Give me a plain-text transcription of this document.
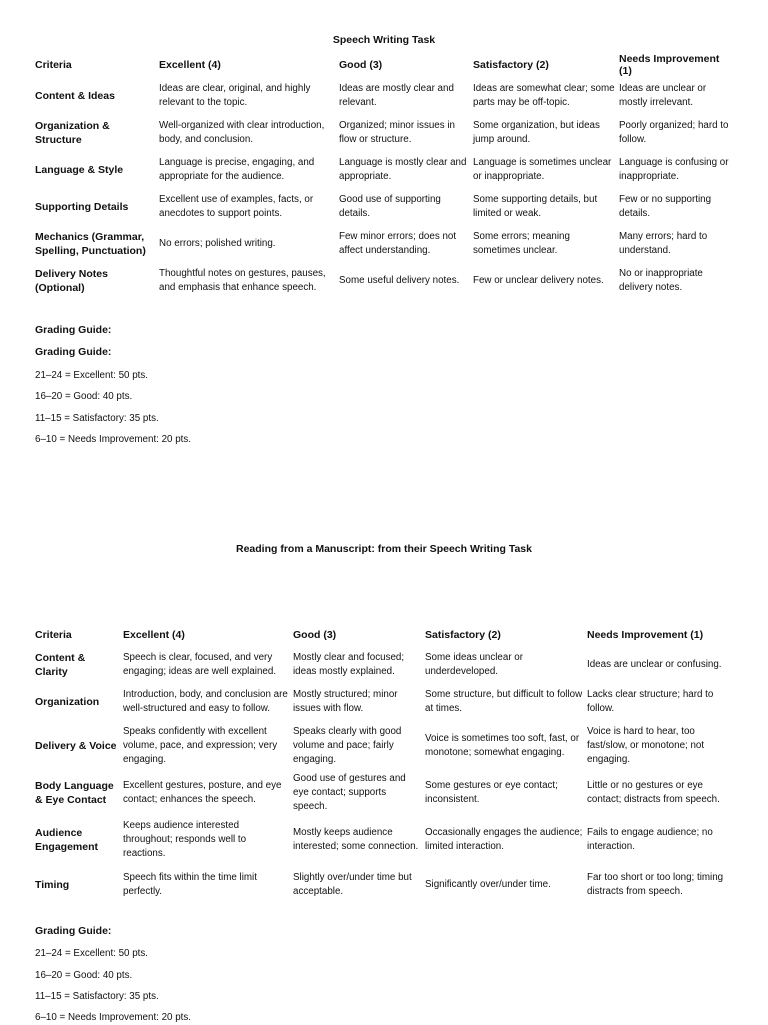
Speech Writing Task
Criteria	Excellent (4)	Good (3)	Satisfactory (2)	Needs Improvement (1)
Content & Ideas	Ideas are clear, original, and highly relevant to the topic.	Ideas are mostly clear and relevant.	Ideas are somewhat clear; some parts may be off-topic.	Ideas are unclear or mostly irrelevant.
Organization & Structure	Well-organized with clear introduction, body, and conclusion.	Organized; minor issues in flow or structure.	Some organization, but ideas jump around.	Poorly organized; hard to follow.
Language & Style	Language is precise, engaging, and appropriate for the audience.	Language is mostly clear and appropriate.	Language is sometimes unclear or inappropriate.	Language is confusing or inappropriate.
Supporting Details	Excellent use of examples, facts, or anecdotes to support points.	Good use of supporting details.	Some supporting details, but limited or weak.	Few or no supporting details.
Mechanics (Grammar, Spelling, Punctuation)	No errors; polished writing.	Few minor errors; does not affect understanding.	Some errors; meaning sometimes unclear.	Many errors; hard to understand.
Delivery Notes (Optional)	Thoughtful notes on gestures, pauses, and emphasis that enhance speech.	Some useful delivery notes.	Few or unclear delivery notes.	No or inappropriate delivery notes.
Grading Guide:
Grading Guide:
21–24 = Excellent: 50 pts.
16–20 = Good: 40 pts.
11–15 = Satisfactory: 35 pts.
6–10 = Needs Improvement: 20 pts.
Reading from a Manuscript: from their Speech Writing Task
Criteria	Excellent (4)	Good (3)	Satisfactory (2)	Needs Improvement (1)
Content & Clarity	Speech is clear, focused, and very engaging; ideas are well explained.	Mostly clear and focused; ideas mostly explained.	Some ideas unclear or underdeveloped.	Ideas are unclear or confusing.
Organization	Introduction, body, and conclusion are well-structured and easy to follow.	Mostly structured; minor issues with flow.	Some structure, but difficult to follow at times.	Lacks clear structure; hard to follow.
Delivery & Voice	Speaks confidently with excellent volume, pace, and expression; very engaging.	Speaks clearly with good volume and pace; fairly engaging.	Voice is sometimes too soft, fast, or monotone; somewhat engaging.	Voice is hard to hear, too fast/slow, or monotone; not engaging.
Body Language & Eye Contact	Excellent gestures, posture, and eye contact; enhances the speech.	Good use of gestures and eye contact; supports speech.	Some gestures or eye contact; inconsistent.	Little or no gestures or eye contact; distracts from speech.
Audience Engagement	Keeps audience interested throughout; responds well to reactions.	Mostly keeps audience interested; some connection.	Occasionally engages the audience; limited interaction.	Fails to engage audience; no interaction.
Timing	Speech fits within the time limit perfectly.	Slightly over/under time but acceptable.	Significantly over/under time.	Far too short or too long; timing distracts from speech.
Grading Guide:
21–24 = Excellent: 50 pts.
16–20 = Good: 40 pts.
11–15 = Satisfactory: 35 pts.
6–10 = Needs Improvement: 20 pts.
